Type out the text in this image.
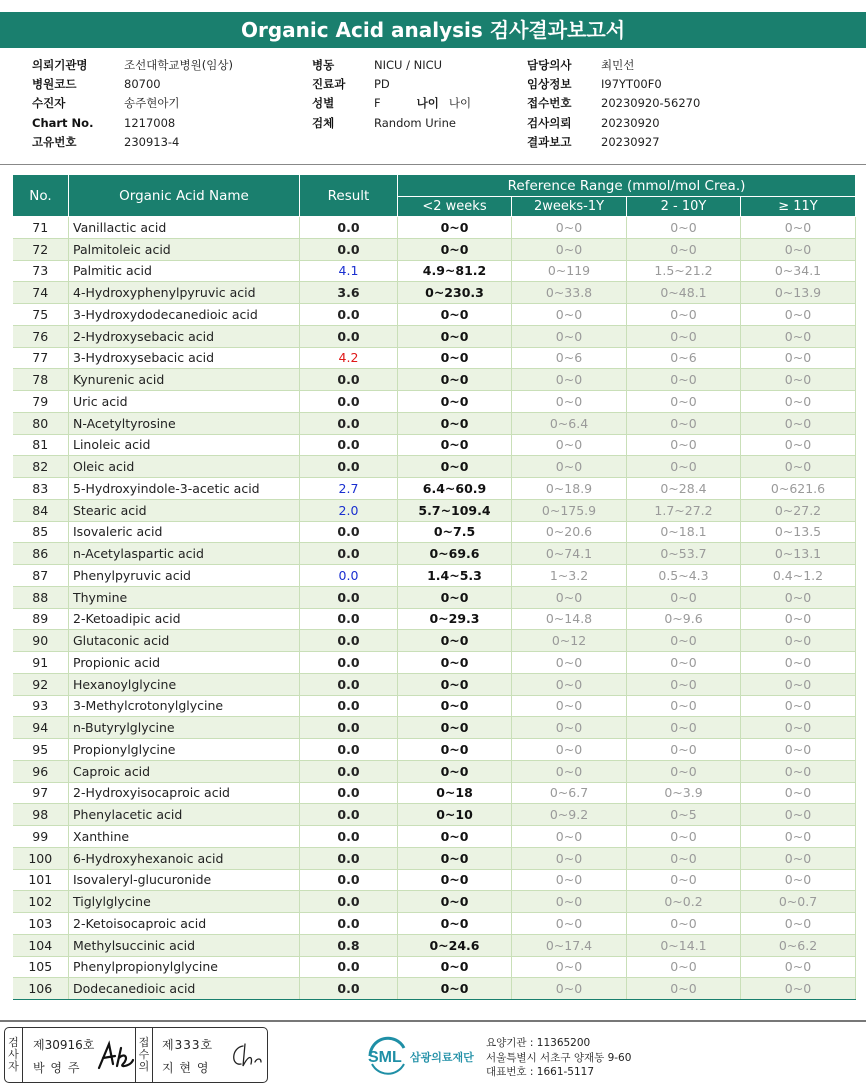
Organic Acid analysis 검사결과보고서
의뢰기관명	조선대학교병원(임상)
병원코드	80700
수진자	송주현아기
Chart No.	1217008
고유번호	230913-4
병동	NICU / NICU
진료과 PD
성별	F	나이 나이
검체	Random Urine
담당의사	최민선
임상정보	I97YT00F0
접수번호	20230920-56270
검사의뢰	20230920
결과보고	20230927
No.	Organic Acid Name	Result	Reference Range (mmol/mol Crea.)			
			<2 weeks	2weeks-1Y	2 - 10Y	≥ 11Y
71	Vanillactic acid	0.0	0~0	0~0	0~0	0~0
72	Palmitoleic acid	0.0	0~0	0~0	0~0	0~0
73	Palmitic acid	4.1	4.9~81.2	0~119	1.5~21.2	0~34.1
74	4-Hydroxyphenylpyruvic acid	3.6	0~230.3	0~33.8	0~48.1	0~13.9
75	3-Hydroxydodecanedioic acid	0.0	0~0	0~0	0~0	0~0
76	2-Hydroxysebacic acid	0.0	0~0	0~0	0~0	0~0
77	3-Hydroxysebacic acid	4.2	0~0	0~6	0~6	0~0
78	Kynurenic acid	0.0	0~0	0~0	0~0	0~0
79	Uric acid	0.0	0~0	0~0	0~0	0~0
80	N-Acetyltyrosine	0.0	0~0	0~6.4	0~0	0~0
81	Linoleic acid	0.0	0~0	0~0	0~0	0~0
82	Oleic acid	0.0	0~0	0~0	0~0	0~0
83	5-Hydroxyindole-3-acetic acid	2.7	6.4~60.9	0~18.9	0~28.4	0~621.6
84	Stearic acid	2.0	5.7~109.4	0~175.9	1.7~27.2	0~27.2
85	Isovaleric acid	0.0	0~7.5	0~20.6	0~18.1	0~13.5
86	n-Acetylaspartic acid	0.0	0~69.6	0~74.1	0~53.7	0~13.1
87	Phenylpyruvic acid	0.0	1.4~5.3	1~3.2	0.5~4.3	0.4~1.2
88	Thymine	0.0	0~0	0~0	0~0	0~0
89	2-Ketoadipic acid	0.0	0~29.3	0~14.8	0~9.6	0~0
90	Glutaconic acid	0.0	0~0	0~12	0~0	0~0
91	Propionic acid	0.0	0~0	0~0	0~0	0~0
92	Hexanoylglycine	0.0	0~0	0~0	0~0	0~0
93	3-Methylcrotonylglycine	0.0	0~0	0~0	0~0	0~0
94	n-Butyrylglycine	0.0	0~0	0~0	0~0	0~0
95	Propionylglycine	0.0	0~0	0~0	0~0	0~0
96	Caproic acid	0.0	0~0	0~0	0~0	0~0
97	2-Hydroxyisocaproic acid	0.0	0~18	0~6.7	0~3.9	0~0
98	Phenylacetic acid	0.0	0~10	0~9.2	0~5	0~0
99	Xanthine	0.0	0~0	0~0	0~0	0~0
100	6-Hydroxyhexanoic acid	0.0	0~0	0~0	0~0	0~0
101	Isovaleryl-glucuronide	0.0	0~0	0~0	0~0	0~0
102	Tiglylglycine	0.0	0~0	0~0	0~0.2	0~0.7
103	2-Ketoisocaproic acid	0.0	0~0	0~0	0~0	0~0
104	Methylsuccinic acid	0.8	0~24.6	0~17.4	0~14.1	0~6.2
105	Phenylpropionylglycine	0.0	0~0	0~0	0~0	0~0
106	Dodecanedioic acid	0.0	0~0	0~0	0~0	0~0
검사자
제30916호
박 영 주
접수의
제333호
지 현 영
SML 삼광의료재단
요양기관 : 11365200
서울특별시 서초구 양재동 9-60
대표번호 : 1661-5117
